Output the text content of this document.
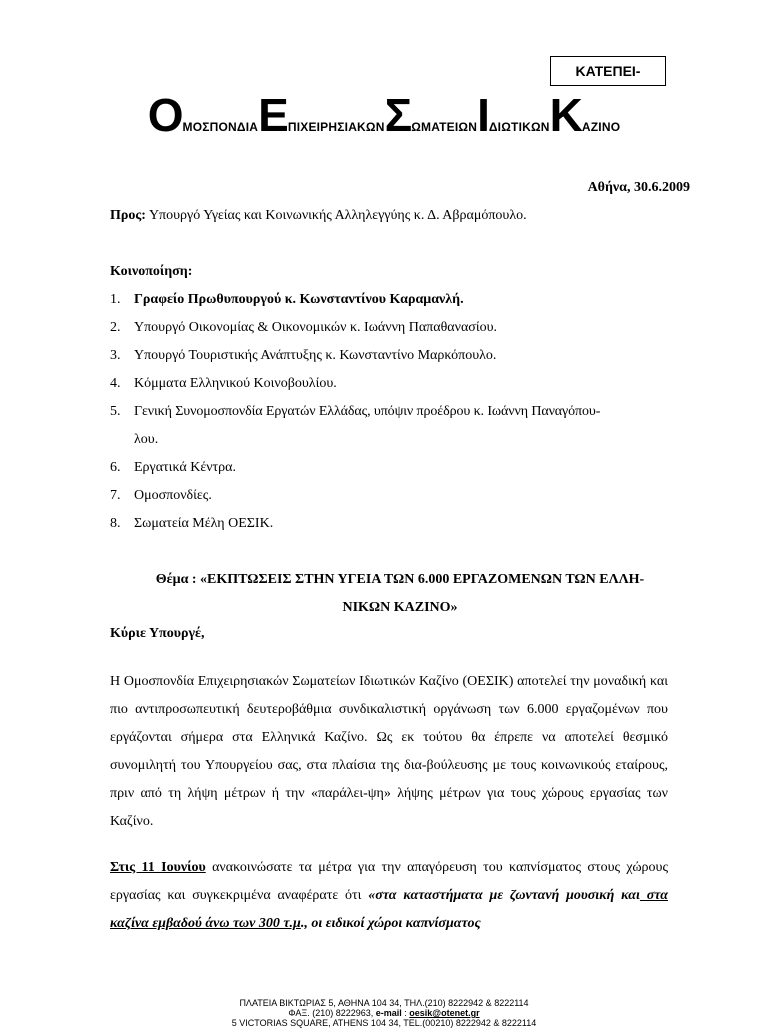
ΚΑΤΕΠΕΙ-
ΟΜΟΣΠΟΝΔΙΑΕΠΙΧΕΙΡΗΣΙΑΚΩΝΣΩΜΑΤΕΙΩΝΙΔΙΩΤΙΚΩΝΚΑΖΙΝΟ
Αθήνα, 30.6.2009
Προς: Υπουργό Υγείας και Κοινωνικής Αλληλεγγύης κ. Δ. Αβραμόπουλο.
Κοινοποίηση:
1. Γραφείο Πρωθυπουργού κ. Κωνσταντίνου Καραμανλή.
2. Υπουργό Οικονομίας & Οικονομικών κ. Ιωάννη Παπαθανασίου.
3. Υπουργό Τουριστικής Ανάπτυξης κ. Κωνσταντίνο Μαρκόπουλο.
4. Κόμματα Ελληνικού Κοινοβουλίου.
5. Γενική Συνομοσπονδία Εργατών Ελλάδας, υπόψιν προέδρου κ. Ιωάννη Παναγόπου-
λου.
6. Εργατικά Κέντρα.
7. Ομοσπονδίες.
8. Σωματεία Μέλη ΟΕΣΙΚ.
Θέμα : «ΕΚΠΤΩΣΕΙΣ ΣΤΗΝ ΥΓΕΙΑ ΤΩΝ 6.000 ΕΡΓΑΖΟΜΕΝΩΝ ΤΩΝ ΕΛΛΗ-
ΝΙΚΩΝ ΚΑΖΙΝΟ»
Κύριε Υπουργέ,
Η Ομοσπονδία Επιχειρησιακών Σωματείων Ιδιωτικών Καζίνο (ΟΕΣΙΚ) αποτελεί την μοναδική και πιο αντιπροσωπευτική δευτεροβάθμια συνδικαλιστική οργάνωση των 6.000 εργαζομένων που εργάζονται σήμερα στα Ελληνικά Καζίνο. Ως εκ τούτου θα έπρεπε να αποτελεί θεσμικό συνομιλητή του Υπουργείου σας, στα πλαίσια της δια-βούλευσης με τους κοινωνικούς εταίρους, πριν από τη λήψη μέτρων ή την «παράλει-ψη» λήψης μέτρων για τους χώρους εργασίας των Καζίνο.
Στις 11 Ιουνίου ανακοινώσατε τα μέτρα για την απαγόρευση του καπνίσματος στους χώρους εργασίας και συγκεκριμένα αναφέρατε ότι «στα καταστήματα με ζωντανή μουσική και στα καζίνα εμβαδού άνω των 300 τ.μ., οι ειδικοί χώροι καπνίσματος
ΠΛΑΤΕΙΑ ΒΙΚΤΩΡΙΑΣ 5, ΑΘΗΝΑ 104 34, ΤΗΛ.(210) 8222942 & 8222114
ΦΑΞ. (210) 8222963, e-mail : oesik@otenet.gr
5 VICTORIAS SQUARE, ATHENS 104 34, TEL.(00210) 8222942 & 8222114
